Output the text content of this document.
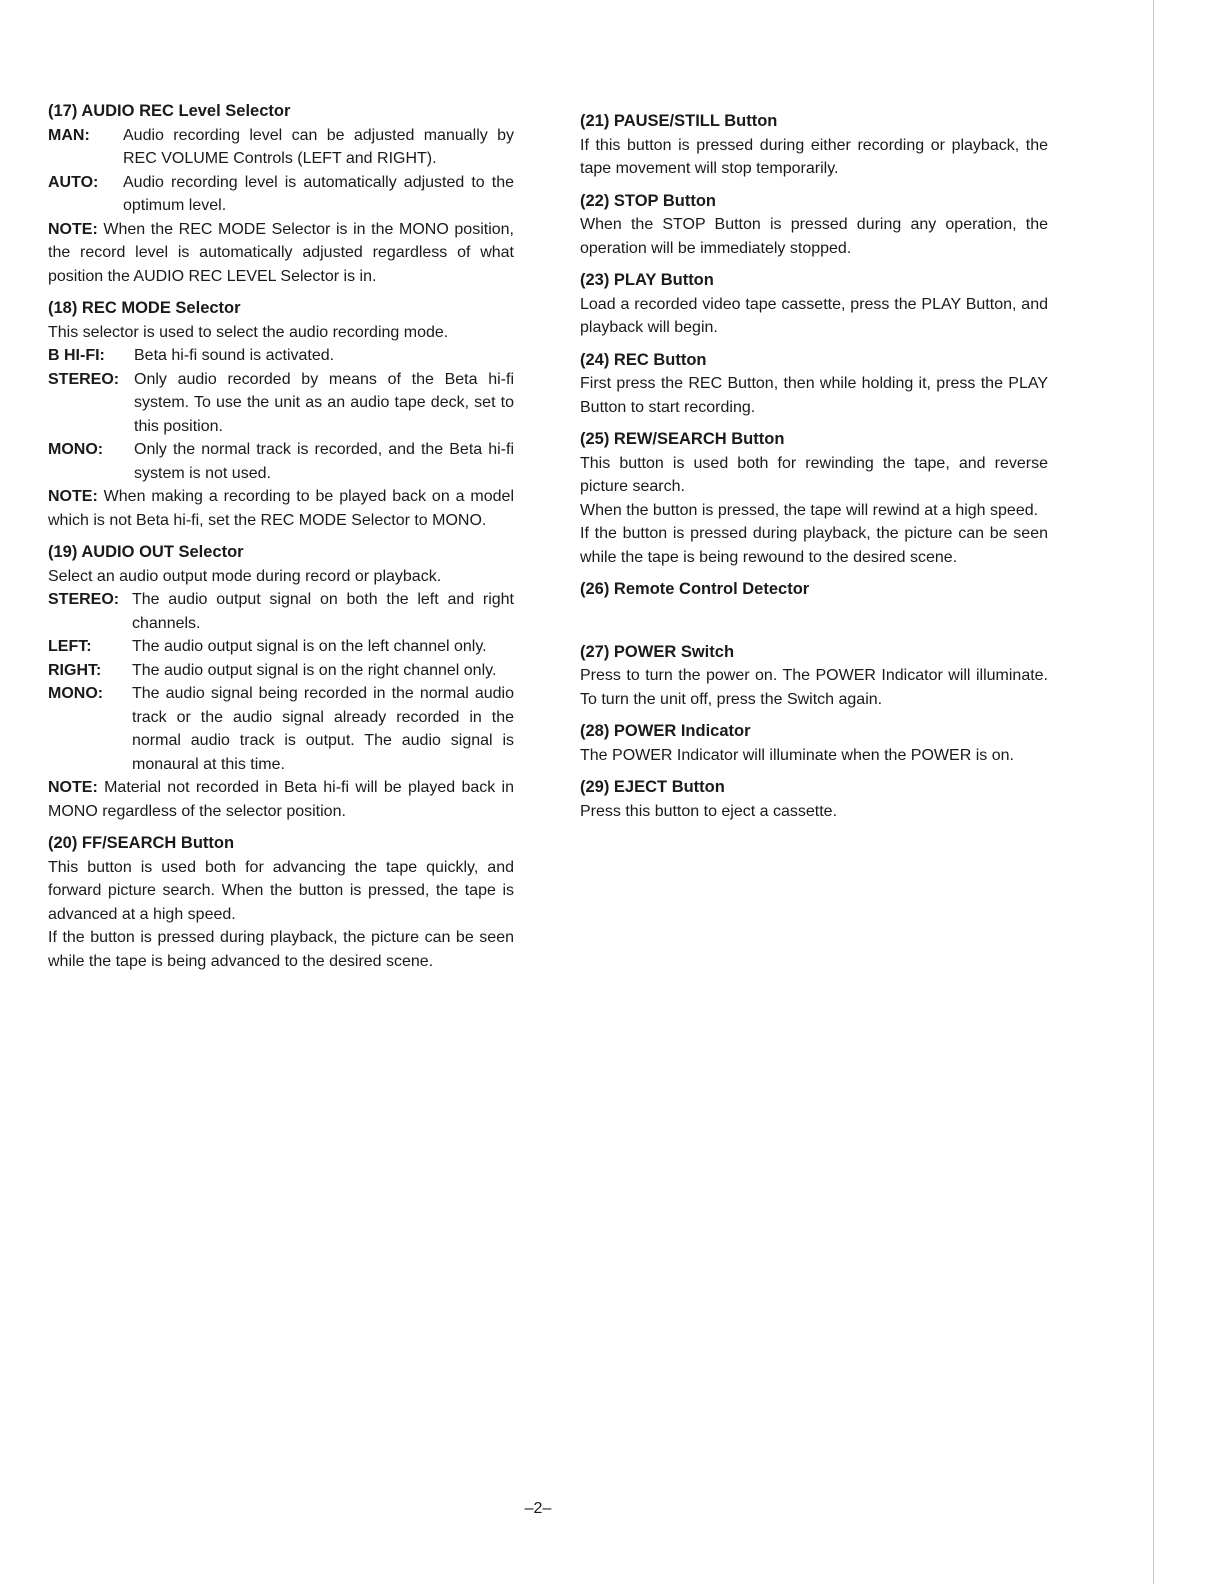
(17) AUDIO REC Level Selector

MAN:	Audio recording level can be adjusted manually by REC VOLUME Controls (LEFT and RIGHT).
AUTO:	Audio recording level is automatically adjusted to the optimum level.

NOTE: When the REC MODE Selector is in the MONO position, the record level is automatically adjusted regardless of what position the AUDIO REC LEVEL Selector is in.

(18) REC MODE Selector

This selector is used to select the audio recording mode.

B HI-FI:	Beta hi-fi sound is activated.
STEREO: Only audio recorded by means of the Beta hi-fi system. To use the unit as an audio tape deck, set to this position.
MONO:	Only the normal track is recorded, and the Beta hi-fi system is not used.

NOTE: When making a recording to be played back on a model which is not Beta hi-fi, set the REC MODE Selector to MONO.

(19) AUDIO OUT Selector

Select an audio output mode during record or playback.

STEREO: The audio output signal on both the left and right channels.
LEFT:	The audio output signal is on the left channel only.
RIGHT:	The audio output signal is on the right channel only.
MONO:	The audio signal being recorded in the normal audio track or the audio signal already recorded in the normal audio track is output. The audio signal is monaural at this time.

NOTE: Material not recorded in Beta hi-fi will be played back in MONO regardless of the selector position.

(20) FF/SEARCH Button

This button is used both for advancing the tape quickly, and forward picture search. When the button is pressed, the tape is advanced at a high speed.

If the button is pressed during playback, the picture can be seen while the tape is being advanced to the desired scene.

(21) PAUSE/STILL Button

If this button is pressed during either recording or playback, the tape movement will stop temporarily.

(22) STOP Button

When the STOP Button is pressed during any operation, the operation will be immediately stopped.

(23) PLAY Button

Load a recorded video tape cassette, press the PLAY Button, and playback will begin.

(24) REC Button

First press the REC Button, then while holding it, press the PLAY Button to start recording.

(25) REW/SEARCH Button

This button is used both for rewinding the tape, and reverse picture search.

When the button is pressed, the tape will rewind at a high speed.

If the button is pressed during playback, the picture can be seen while the tape is being rewound to the desired scene.

(26) Remote Control Detector

(27) POWER Switch

Press to turn the power on. The POWER Indicator will illuminate. To turn the unit off, press the Switch again.

(28) POWER Indicator

The POWER Indicator will illuminate when the POWER is on.

(29) EJECT Button

Press this button to eject a cassette.

–2–
